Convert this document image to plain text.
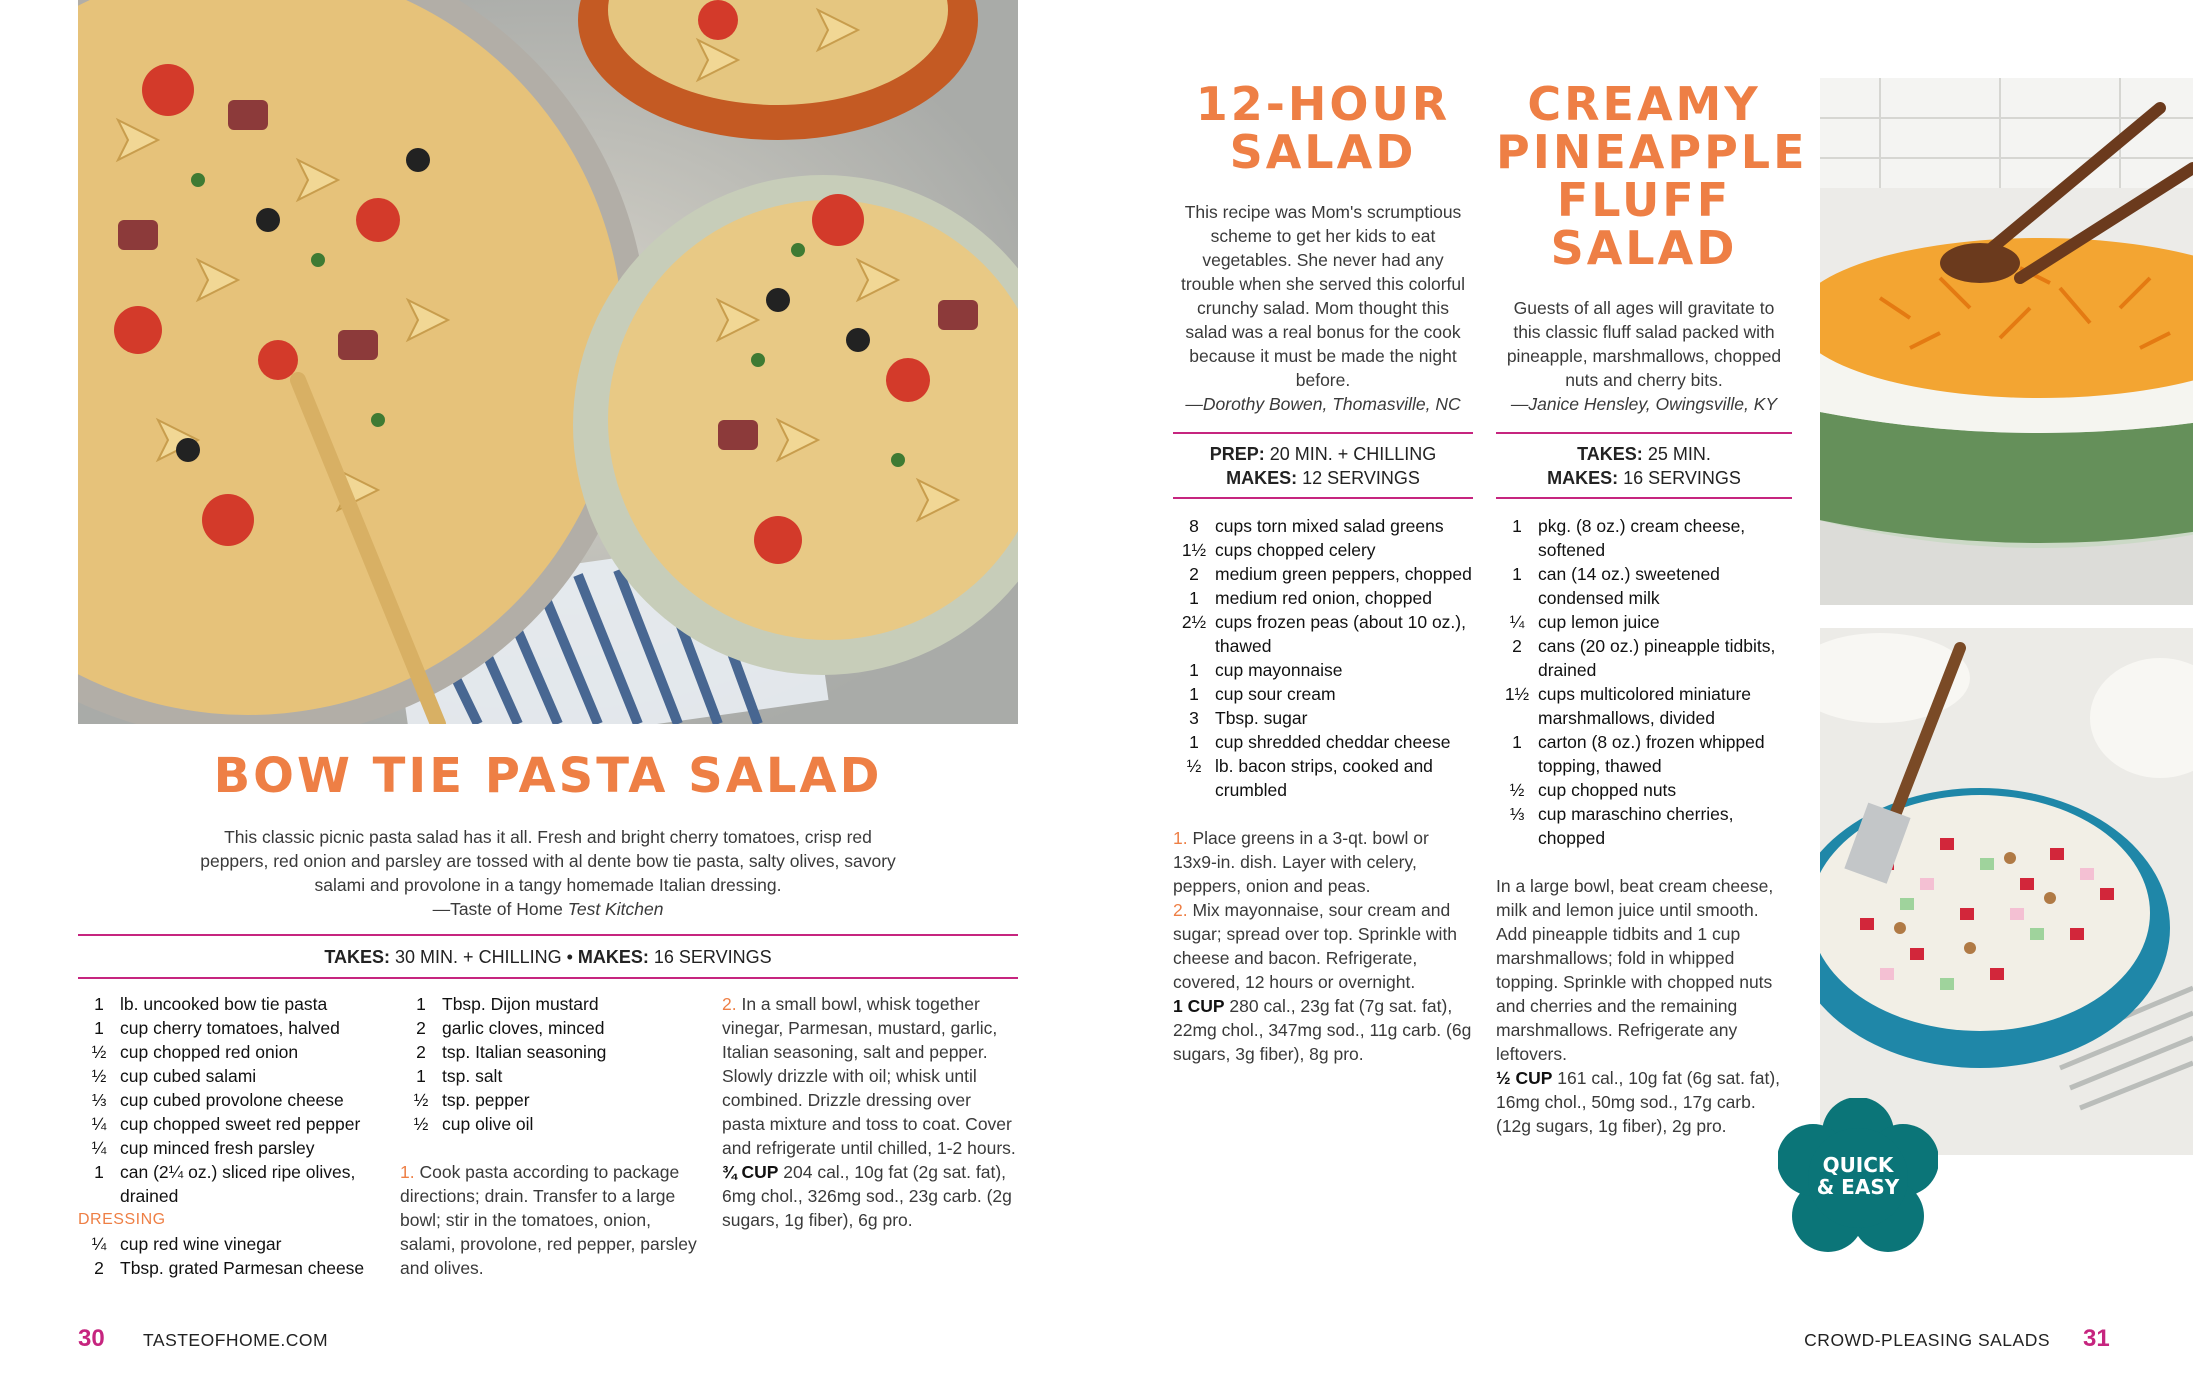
BOW TIE PASTA SALAD
This classic picnic pasta salad has it all. Fresh and bright cherry tomatoes, crisp red peppers, red onion and parsley are tossed with al dente bow tie pasta, salty olives, savory salami and provolone in a tangy homemade Italian dressing.
—Taste of Home Test Kitchen
TAKES: 30 MIN. + CHILLING • MAKES: 16 SERVINGS
1 lb. uncooked bow tie pasta
1 cup cherry tomatoes, halved
½ cup chopped red onion
½ cup cubed salami
⅓ cup cubed provolone cheese
¼ cup chopped sweet red pepper
¼ cup minced fresh parsley
1 can (2¼ oz.) sliced ripe olives, drained
DRESSING
¼ cup red wine vinegar
2 Tbsp. grated Parmesan cheese
1 Tbsp. Dijon mustard
2 garlic cloves, minced
2 tsp. Italian seasoning
1 tsp. salt
½ tsp. pepper
½ cup olive oil

1. Cook pasta according to package directions; drain. Transfer to a large bowl; stir in the tomatoes, onion, salami, provolone, red pepper, parsley and olives.

2. In a small bowl, whisk together vinegar, Parmesan, mustard, garlic, Italian seasoning, salt and pepper. Slowly drizzle with oil; whisk until combined. Drizzle dressing over pasta mixture and toss to coat. Cover and refrigerate until chilled, 1-2 hours.

¾ CUP 204 cal., 10g fat (2g sat. fat), 6mg chol., 326mg sod., 23g carb. (2g sugars, 1g fiber), 6g pro.

12-HOUR
SALAD
This recipe was Mom's scrumptious scheme to get her kids to eat vegetables. She never had any trouble when she served this colorful crunchy salad. Mom thought this salad was a real bonus for the cook because it must be made the night before.
—Dorothy Bowen, Thomasville, NC
PREP: 20 MIN. + CHILLING
MAKES: 12 SERVINGS
8 cups torn mixed salad greens
1½ cups chopped celery
2 medium green peppers, chopped
1 medium red onion, chopped
2½ cups frozen peas (about 10 oz.), thawed
1 cup mayonnaise
1 cup sour cream
3 Tbsp. sugar
1 cup shredded cheddar cheese
½ lb. bacon strips, cooked and crumbled

1. Place greens in a 3-qt. bowl or 13x9-in. dish. Layer with celery, peppers, onion and peas.

2. Mix mayonnaise, sour cream and sugar; spread over top. Sprinkle with cheese and bacon. Refrigerate, covered, 12 hours or overnight.

1 CUP 280 cal., 23g fat (7g sat. fat), 22mg chol., 347mg sod., 11g carb. (6g sugars, 3g fiber), 8g pro.

CREAMY
PINEAPPLE
FLUFF
SALAD
Guests of all ages will gravitate to this classic fluff salad packed with pineapple, marshmallows, chopped nuts and cherry bits.
—Janice Hensley, Owingsville, KY
TAKES: 25 MIN.
MAKES: 16 SERVINGS
1 pkg. (8 oz.) cream cheese, softened
1 can (14 oz.) sweetened condensed milk
¼ cup lemon juice
2 cans (20 oz.) pineapple tidbits, drained
1½ cups multicolored miniature marshmallows, divided
1 carton (8 oz.) frozen whipped topping, thawed
½ cup chopped nuts
⅓ cup maraschino cherries, chopped

In a large bowl, beat cream cheese, milk and lemon juice until smooth. Add pineapple tidbits and 1 cup marshmallows; fold in whipped topping. Sprinkle with chopped nuts and cherries and the remaining marshmallows. Refrigerate any leftovers.

½ CUP 161 cal., 10g fat (6g sat. fat), 16mg chol., 50mg sod., 17g carb. (12g sugars, 1g fiber), 2g pro.

QUICK
& EASY
30 TASTEOFHOME.COM	CROWD-PLEASING SALADS 31
